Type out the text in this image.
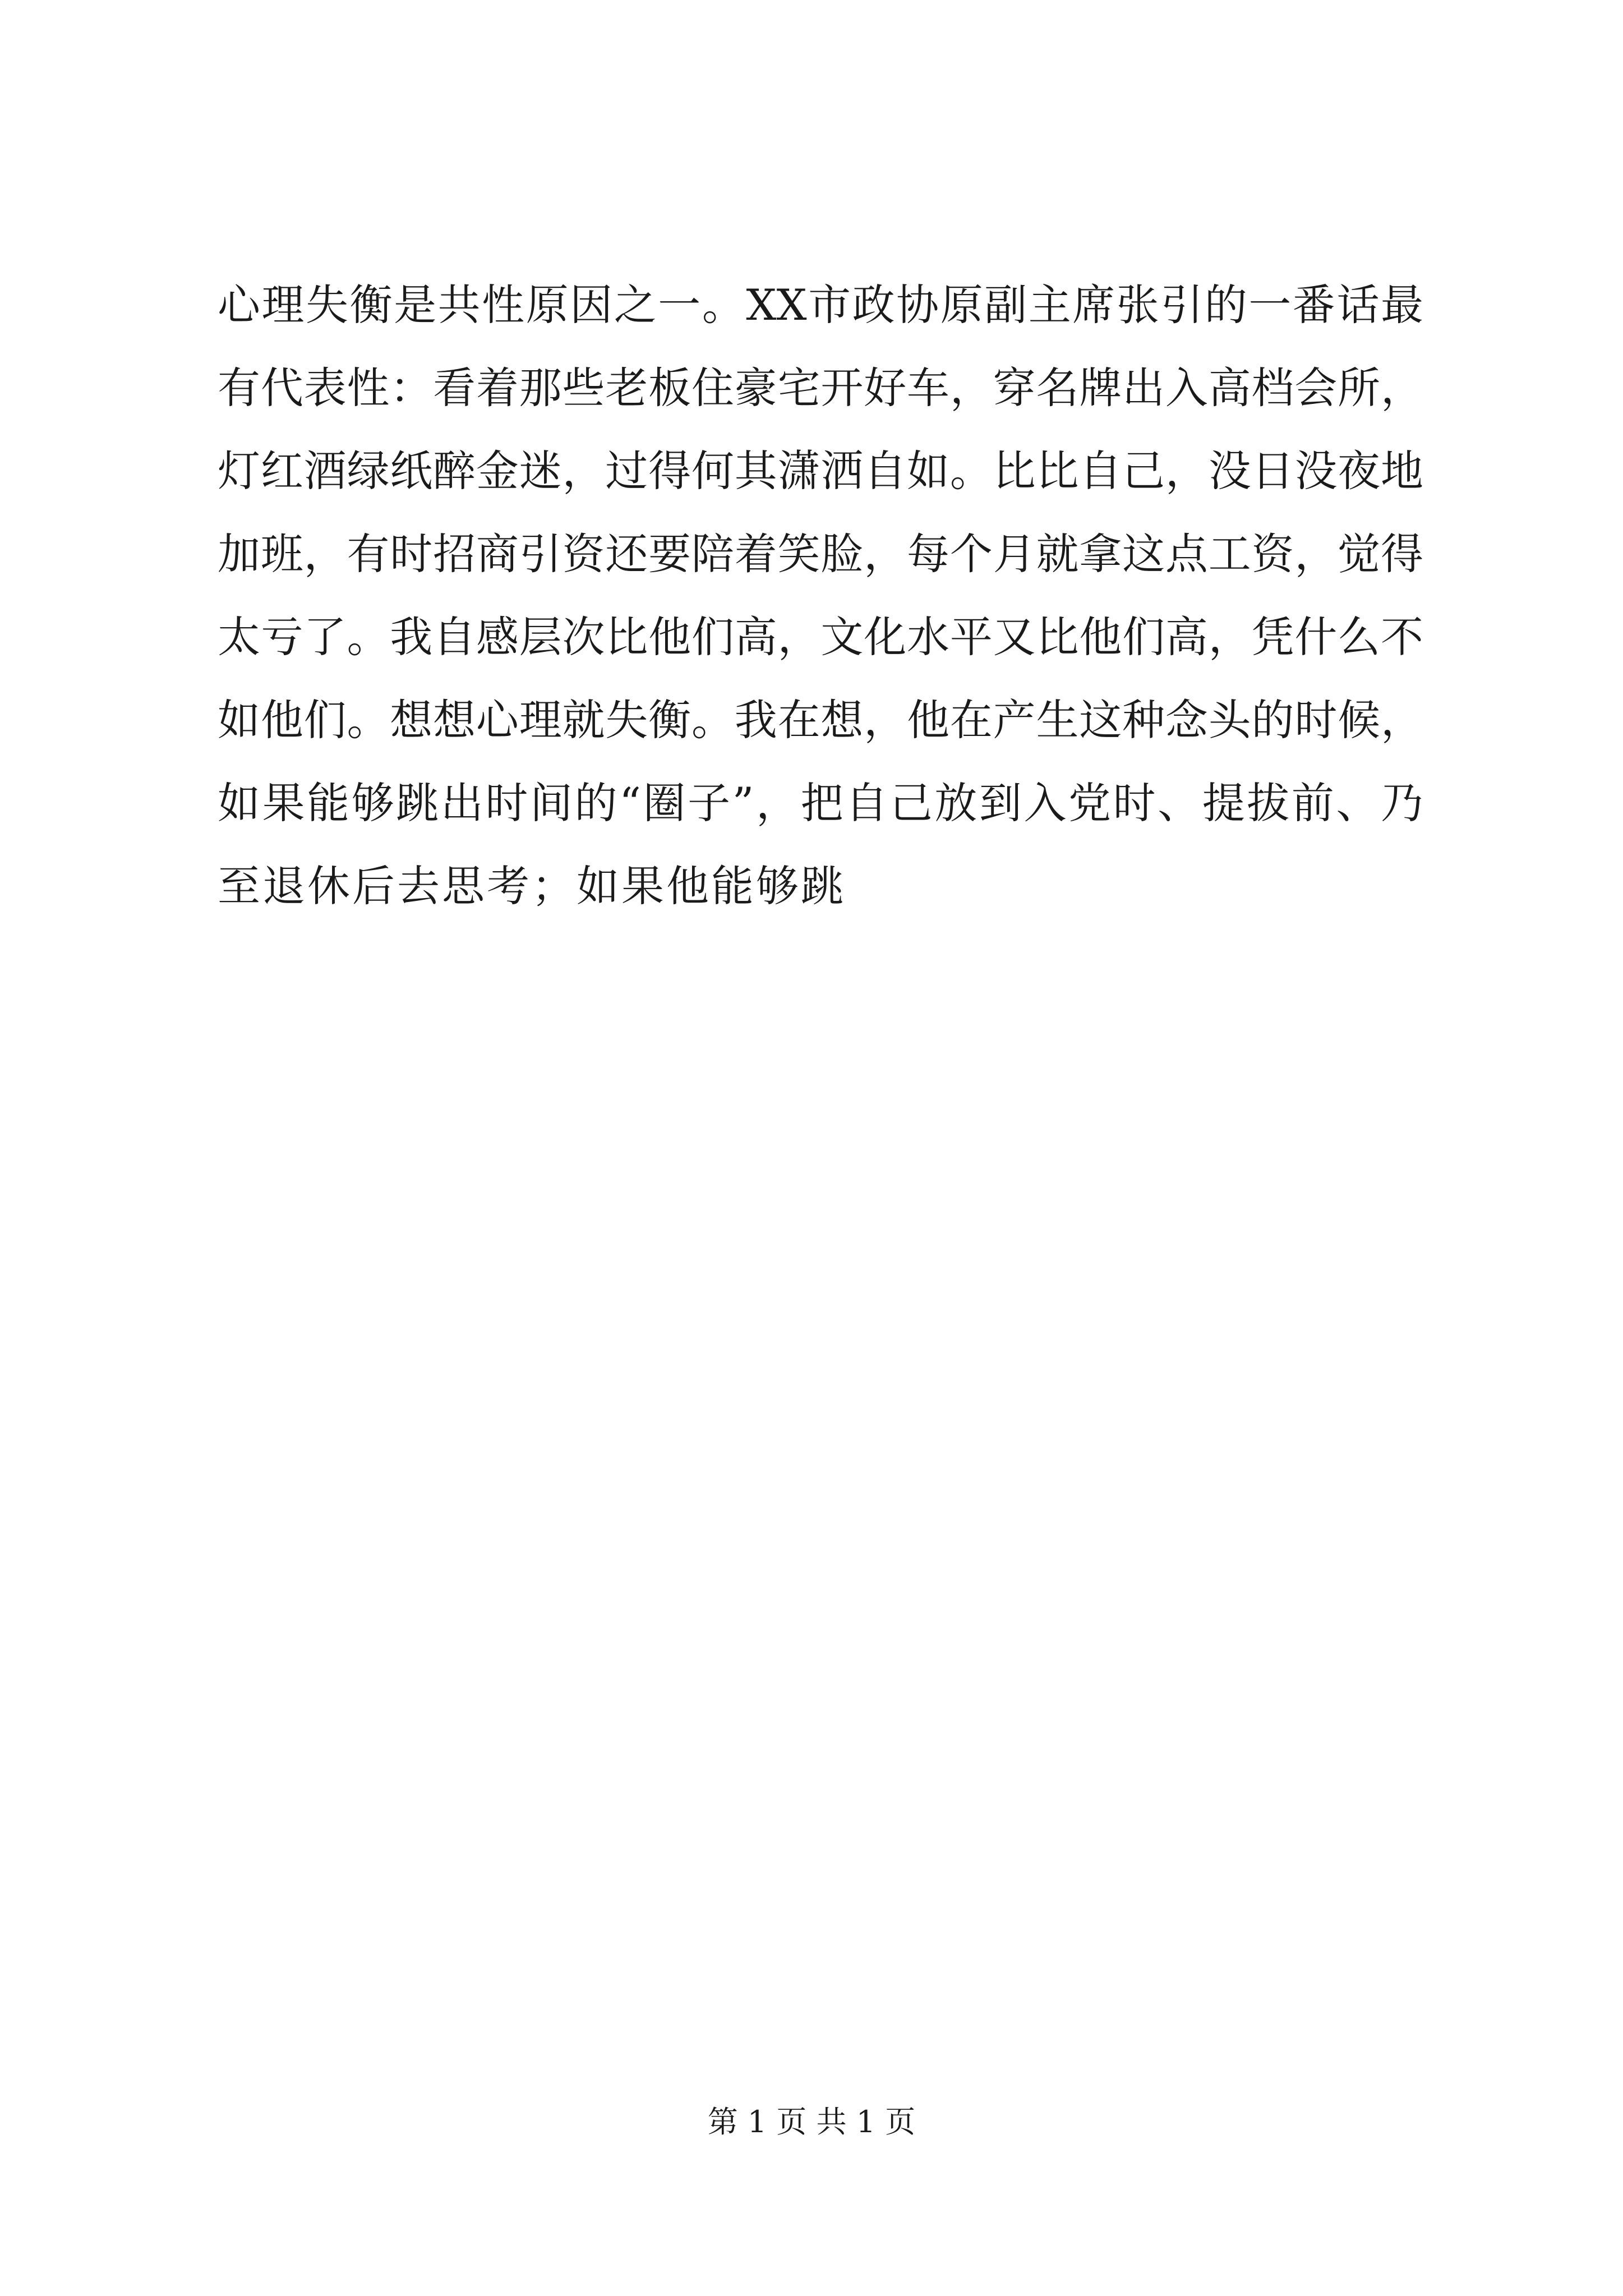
心理失衡是共性原因之一。XX市政协原副主席张引的一番话最
有代表性：看着那些老板住豪宅开好车，穿名牌出入高档会所，
灯红酒绿纸醉金迷，过得何其潇洒自如。比比自己，没日没夜地
加班，有时招商引资还要陪着笑脸，每个月就拿这点工资，觉得
太亏了。我自感层次比他们高，文化水平又比他们高，凭什么不
如他们。想想心理就失衡。我在想，他在产生这种念头的时候，
如果能够跳出时间的“圈子”，把自己放到入党时、提拔前、乃
至退休后去思考；如果他能够跳
第 1 页 共 1 页
